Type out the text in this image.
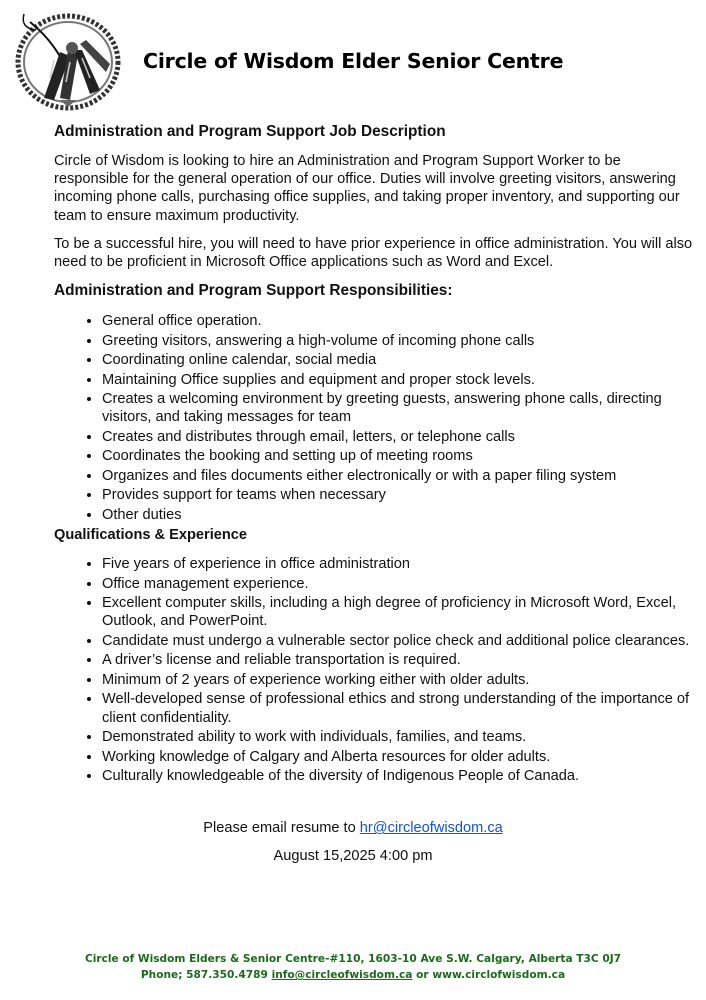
Circle of Wisdom Elder Senior Centre
Administration and Program Support Job Description

Circle of Wisdom is looking to hire an Administration and Program Support Worker to be responsible for the general operation of our office. Duties will involve greeting visitors, answering incoming phone calls, purchasing office supplies, and taking proper inventory, and supporting our team to ensure maximum productivity.

To be a successful hire, you will need to have prior experience in office administration. You will also need to be proficient in Microsoft Office applications such as Word and Excel.

Administration and Program Support Responsibilities:
• General office operation.
• Greeting visitors, answering a high-volume of incoming phone calls
• Coordinating online calendar, social media
• Maintaining Office supplies and equipment and proper stock levels.
• Creates a welcoming environment by greeting guests, answering phone calls, directing visitors, and taking messages for team
• Creates and distributes through email, letters, or telephone calls
• Coordinates the booking and setting up of meeting rooms
• Organizes and files documents either electronically or with a paper filing system
• Provides support for teams when necessary
• Other duties
Qualifications & Experience
• Five years of experience in office administration
• Office management experience.
• Excellent computer skills, including a high degree of proficiency in Microsoft Word, Excel, Outlook, and PowerPoint.
• Candidate must undergo a vulnerable sector police check and additional police clearances.
• A driver’s license and reliable transportation is required.
• Minimum of 2 years of experience working either with older adults.
• Well-developed sense of professional ethics and strong understanding of the importance of client confidentiality.
• Demonstrated ability to work with individuals, families, and teams.
• Working knowledge of Calgary and Alberta resources for older adults.
• Culturally knowledgeable of the diversity of Indigenous People of Canada.
Please email resume to hr@circleofwisdom.ca
August 15,2025 4:00 pm
Circle of Wisdom Elders & Senior Centre-#110, 1603-10 Ave S.W. Calgary, Alberta T3C 0J7
Phone; 587.350.4789 info@circleofwisdom.ca or www.circlofwisdom.ca
